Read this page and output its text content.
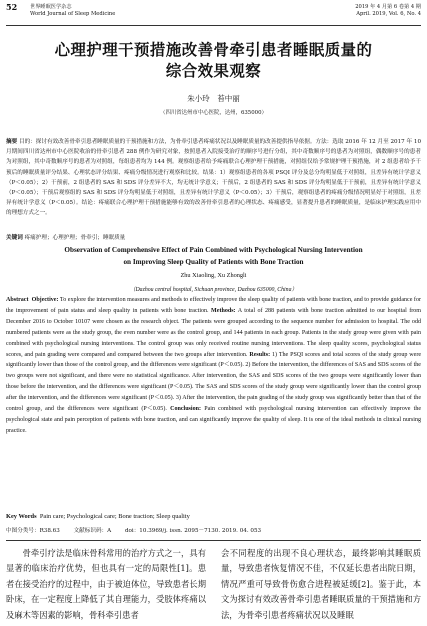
52 世界睡眠医学杂志
World Journal of Sleep Medicine
2019 年 4 月第 6 卷第 4 期
April. 2019, Vol. 6, No. 4
心理护理干预措施改善骨牵引患者睡眠质量的
综合效果观察
朱小玲　苔中丽
（四川省达州市中心医院，达州，635000）
摘要 目的：探讨有效改善骨牵引患者睡眠质量的干预措施和方法，为骨牵引患者疼痛状况以及睡眠质量的改善提供指导依据。方法：选取 2016 年 12 月至 2017 年 10 月期间四川省达州市中心医院收治的骨牵引患者 288 例作为研究对象，按照患者入院接受治疗的顺序号进行分组，其中奇数顺序号的患者为对照组，偶数顺序号的患者为对照组，其中奇数顺序号的患者为对照组，每组患者均为 144 例。观察组患者给予疼痛联合心理护理干预措施，对照组仅给予常规护理干预措施，对 2 组患者给予干预后的睡眠质量评分结果、心理状态评分结果、疼痛分级情况进行观察和比较。结果：1）观察组患者的各项 PSQI 评分及总分均明显低于对照组，且差异有统计学意义（P＜0.05）；2）干预前，2 组患者的 SAS 和 SDS 评分差异不大，均无统计学意义；干预后，2 组患者的 SAS 和 SDS 评分均明显低于干预前，且差异有统计学意义（P＜0.05）；干预后观察组的 SAS 和 SDS 评分均明显低于对照组，且差异有统计学意义（P＜0.05）；3）干预后，观察组患者的疼痛分级情况明显好于对照组，且差异有统计学意义（P＜0.05）。结论：疼痛联合心理护理干预措施能够有效的改善骨牵引患者的心理状态、疼痛感受，显著提升患者的睡眠质量，是临床护理实践应用中的理想方式之一。
关键词 疼痛护理；心理护理；骨牵引；睡眠质量
Observation of Comprehensive Effect of Pain Combined with Psychological Nursing Intervention
on Improving Sleep Quality of Patients with Bone Traction
Zhu Xiaoling, Xu Zhongli
（Dazhou central hospital, Sichuan province, Dazhou 635000, China）
Abstract Objective: To explore the intervention measures and methods to effectively improve the sleep quality of patients with bone traction, and to provide guidance for the improvement of pain status and sleep quality in patients with bone traction. Methods: A total of 288 patients with bone traction admitted to our hospital from December 2016 to October 10107 were chosen as the research object. The patients were grouped according to the sequence number for admission to hospital. The odd numbered patients were as the study group, the even number were as the control group, and 144 patients in each group. Patients in the study group were given with pain combined with psychological nursing interventions. The control group was only received routine nursing interventions. The sleep quality scores, psychological status scores, and pain grading were compared and compared between the two groups after intervention. Results: 1) The PSQI scores and total scores of the study group were significantly lower than those of the control group, and the differences were significant (P＜0.05). 2) Before the intervention, the differences of SAS and SDS scores of the two groups were not significant, and there were no statistical significance. After intervention, the SAS and SDS scores of the two groups were significantly lower than those before the intervention, and the differences were significant (P＜0.05). The SAS and SDS scores of the study group were significantly lower than the control group after the intervention, and the differences were significant (P＜0.05). 3) After the intervention, the pain grading of the study group was significantly better than that of the control group, and the differences were significant (P＜0.05). Conclusion: Pain combined with psychological nursing intervention can effectively improve the psychological state and pain perception of patients with bone traction, and can significantly improve the quality of sleep. It is one of the ideal methods in clinical nursing practice.
Key Words Pain care; Psychological care; Bone traction; Sleep quality
中图分类号：R38.63 文献标识码：A doi：10.3969/j. issn. 2095－7130. 2019. 04. 053
骨牵引疗法是临床骨科常用的治疗方式之一，具有显著的临床治疗优势，但也具有一定的局限性[1]。患者在接受治疗的过程中，由于被迫体位，导致患者长期卧床，在一定程度上降低了其自理能力，受肢体疼痛以及麻木等因素的影响，骨科牵引患者
会不同程度的出现不良心理状态，最终影响其睡眠质量，导致患者恢复情况不佳，不仅延长患者出院日期，情况严重可导致骨伤愈合进程被延缓[2]。鉴于此，本文为探讨有效改善骨牵引患者睡眠质量的干预措施和方法，为骨牵引患者疼痛状况以及睡眠
